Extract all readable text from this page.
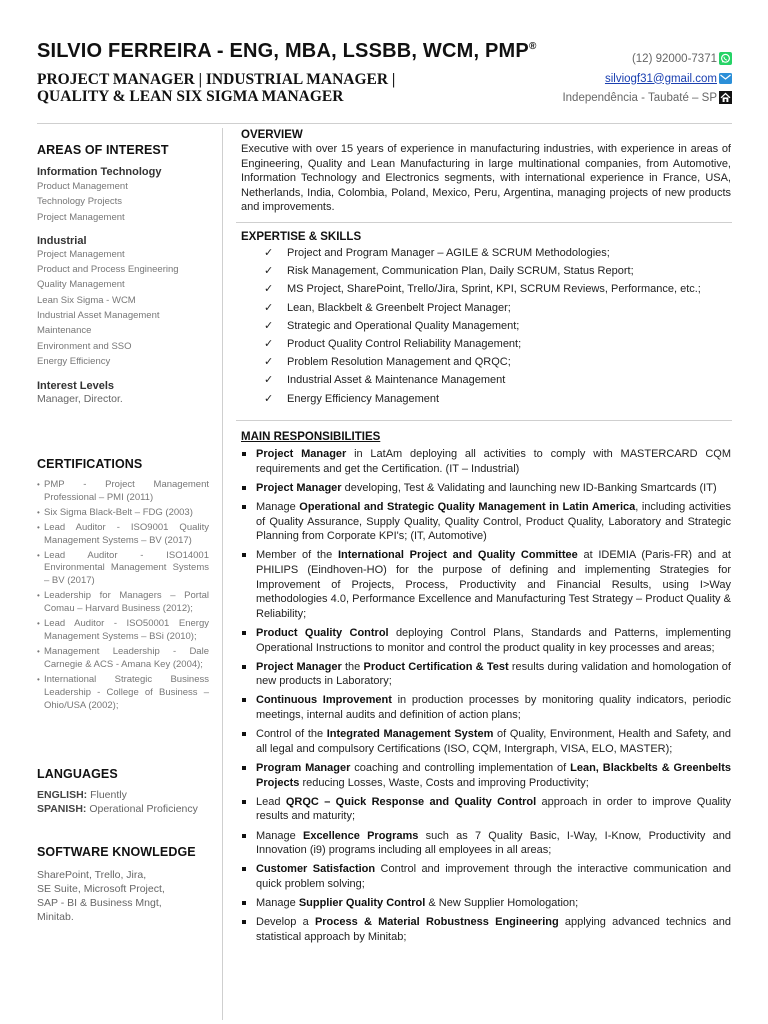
SILVIO FERREIRA - ENG, MBA, LSSBB, WCM, PMP®
PROJECT MANAGER | INDUSTRIAL MANAGER |
QUALITY & LEAN SIX SIGMA MANAGER
(12) 92000-7371
silviogf31@gmail.com
Independência - Taubaté – SP
AREAS OF INTEREST
Information Technology
Product Management
Technology Projects
Project Management
Industrial
Project Management
Product and Process Engineering
Quality Management
Lean Six Sigma - WCM
Industrial Asset Management
Maintenance
Environment and SSO
Energy Efficiency
Interest Levels
Manager, Director.
CERTIFICATIONS
• PMP - Project Management Professional – PMI (2011)
• Six Sigma Black-Belt – FDG (2003)
• Lead Auditor - ISO9001 Quality Management Systems – BV (2017)
• Lead Auditor - ISO14001 Environmental Management Systems – BV (2017)
• Leadership for Managers – Portal Comau – Harvard Business (2012);
• Lead Auditor - ISO50001 Energy Management Systems – BSi (2010);
• Management Leadership - Dale Carnegie & ACS - Amana Key (2004);
• International Strategic Business Leadership - College of Business – Ohio/USA (2002);
LANGUAGES
ENGLISH: Fluently
SPANISH: Operational Proficiency
SOFTWARE KNOWLEDGE
SharePoint, Trello, Jira,
SE Suite, Microsoft Project,
SAP - BI & Business Mngt,
Minitab.
OVERVIEW
Executive with over 15 years of experience in manufacturing industries, with experience in areas of Engineering, Quality and Lean Manufacturing in large multinational companies, from Automotive, Information Technology and Electronics segments, with international experience in France, USA, Netherlands, India, Colombia, Poland, Mexico, Peru, Argentina, managing projects of new products and improvements.
EXPERTISE & SKILLS
✓ Project and Program Manager – AGILE & SCRUM Methodologies;
✓ Risk Management, Communication Plan, Daily SCRUM, Status Report;
✓ MS Project, SharePoint, Trello/Jira, Sprint, KPI, SCRUM Reviews, Performance, etc.;
✓ Lean, Blackbelt & Greenbelt Project Manager;
✓ Strategic and Operational Quality Management;
✓ Product Quality Control Reliability Management;
✓ Problem Resolution Management and QRQC;
✓ Industrial Asset & Maintenance Management
✓ Energy Efficiency Management
MAIN RESPONSIBILITIES
Project Manager in LatAm deploying all activities to comply with MASTERCARD CQM requirements and get the Certification. (IT – Industrial)
Project Manager developing, Test & Validating and launching new ID-Banking Smartcards (IT)
Manage Operational and Strategic Quality Management in Latin America, including activities of Quality Assurance, Supply Quality, Quality Control, Product Quality, Laboratory and Strategic Planning from Corporate KPI's; (IT, Automotive)
Member of the International Project and Quality Committee at IDEMIA (Paris-FR) and at PHILIPS (Eindhoven-HO) for the purpose of defining and implementing Strategies for Improvement of Projects, Process, Productivity and Financial Results, using I>Way methodologies 4.0, Performance Excellence and Manufacturing Test Strategy – Product Quality & Reliability;
Product Quality Control deploying Control Plans, Standards and Patterns, implementing Operational Instructions to monitor and control the product quality in key processes and areas;
Project Manager the Product Certification & Test results during validation and homologation of new products in Laboratory;
Continuous Improvement in production processes by monitoring quality indicators, periodic meetings, internal audits and definition of action plans;
Control of the Integrated Management System of Quality, Environment, Health and Safety, and all legal and compulsory Certifications (ISO, CQM, Intergraph, VISA, ELO, MASTER);
Program Manager coaching and controlling implementation of Lean, Blackbelts & Greenbelts Projects reducing Losses, Waste, Costs and improving Productivity;
Lead QRQC – Quick Response and Quality Control approach in order to improve Quality results and maturity;
Manage Excellence Programs such as 7 Quality Basic, I-Way, I-Know, Productivity and Innovation (i9) programs including all employees in all areas;
Customer Satisfaction Control and improvement through the interactive communication and quick problem solving;
Manage Supplier Quality Control & New Supplier Homologation;
Develop a Process & Material Robustness Engineering applying advanced technics and statistical approach by Minitab;
